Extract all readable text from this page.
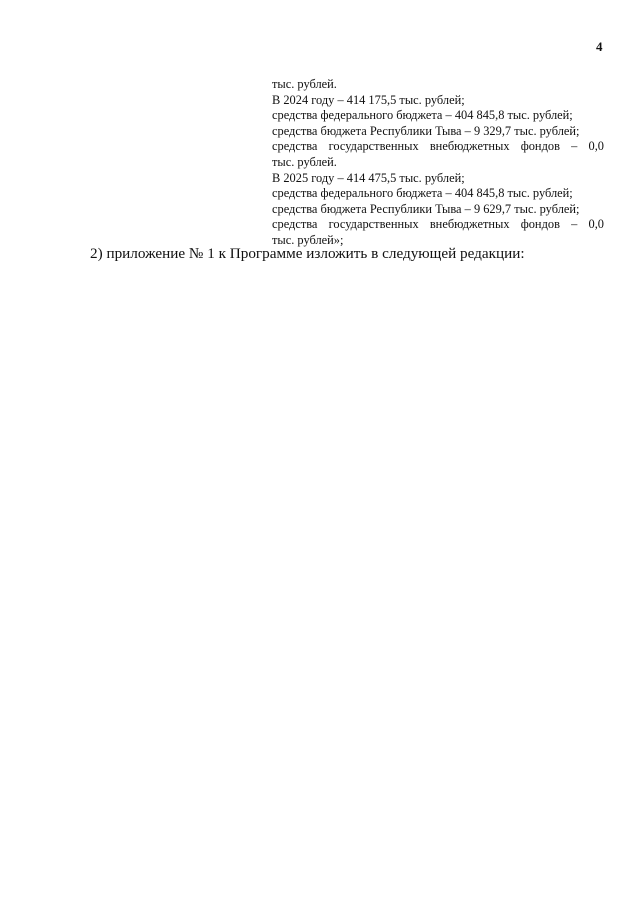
4
тыс. рублей.
В 2024 году – 414 175,5 тыс. рублей;
средства федерального бюджета – 404 845,8 тыс. рублей;
средства бюджета Республики Тыва – 9 329,7 тыс. рублей;
средства государственных внебюджетных фондов – 0,0
тыс. рублей.
В 2025 году – 414 475,5 тыс. рублей;
средства федерального бюджета – 404 845,8 тыс. рублей;
средства бюджета Республики Тыва – 9 629,7 тыс. рублей;
средства государственных внебюджетных фондов – 0,0
тыс. рублей»;
2) приложение № 1 к Программе изложить в следующей редакции:
